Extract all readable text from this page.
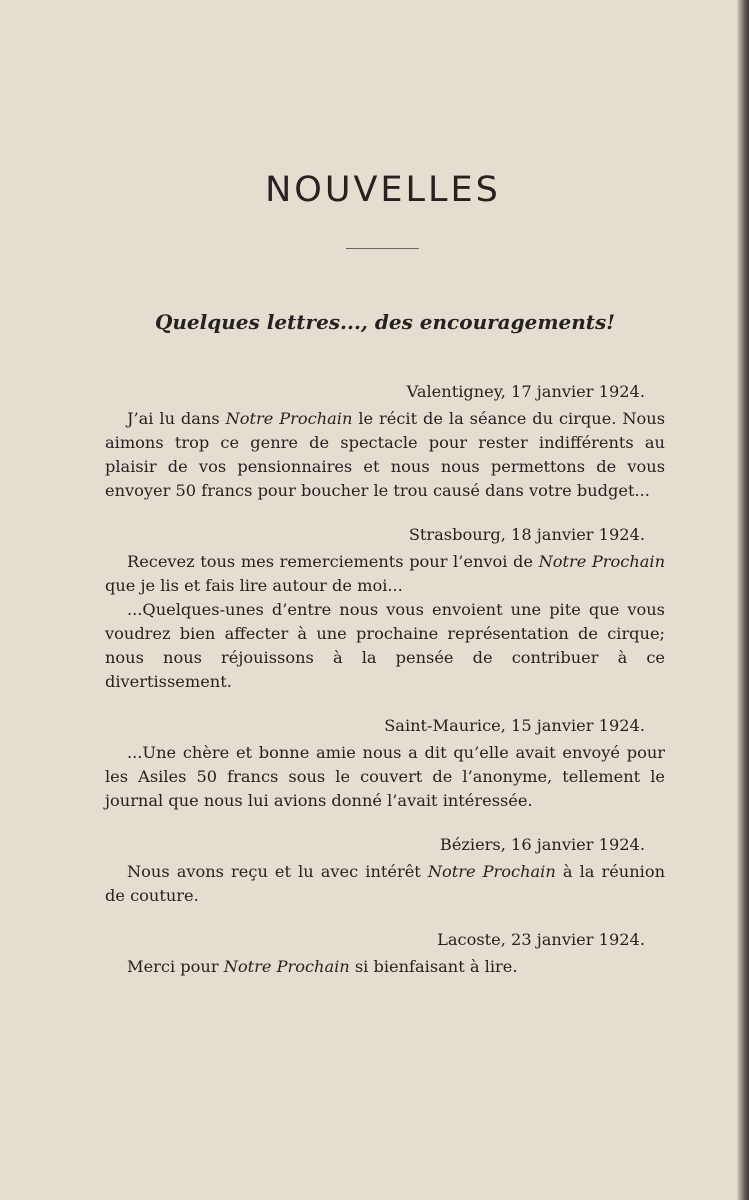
NOUVELLES
Quelques lettres..., des encouragements!

Valentigney, 17 janvier 1924.

J’ai lu dans Notre Prochain le récit de la séance du cirque. Nous aimons trop ce genre de spectacle pour rester indifférents au plaisir de vos pensionnaires et nous nous permettons de vous envoyer 50 francs pour boucher le trou causé dans votre budget...

Strasbourg, 18 janvier 1924.

Recevez tous mes remerciements pour l’envoi de Notre Prochain que je lis et fais lire autour de moi...

...Quelques-unes d’entre nous vous envoient une pite que vous voudrez bien affecter à une prochaine représentation de cirque; nous nous réjouissons à la pensée de contribuer à ce divertissement.

Saint-Maurice, 15 janvier 1924.

...Une chère et bonne amie nous a dit qu’elle avait envoyé pour les Asiles 50 francs sous le couvert de l’anonyme, tellement le journal que nous lui avions donné l’avait intéressée.

Béziers, 16 janvier 1924.

Nous avons reçu et lu avec intérêt Notre Prochain à la réunion de couture.

Lacoste, 23 janvier 1924.

Merci pour Notre Prochain si bienfaisant à lire.
